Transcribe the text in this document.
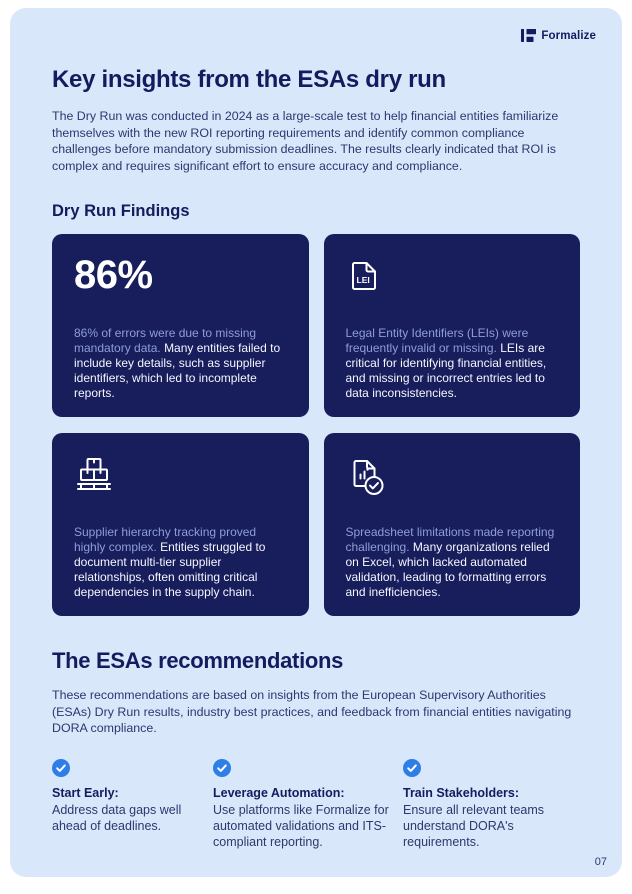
Formalize
Key insights from the ESAs dry run

The Dry Run was conducted in 2024 as a large-scale test to help financial entities familiarize themselves with the new ROI reporting requirements and identify common compliance challenges before mandatory submission deadlines. The results clearly indicated that ROI is complex and requires significant effort to ensure accuracy and compliance.

Dry Run Findings
86%

86% of errors were due to missing mandatory data. Many entities failed to include key details, such as supplier identifiers, which led to incomplete reports.

LEI

Legal Entity Identifiers (LEIs) were frequently invalid or missing. LEIs are critical for identifying financial entities, and missing or incorrect entries led to data inconsistencies.

Supplier hierarchy tracking proved highly complex. Entities struggled to document multi-tier supplier relationships, often omitting critical dependencies in the supply chain.

Spreadsheet limitations made reporting challenging. Many organizations relied on Excel, which lacked automated validation, leading to formatting errors and inefficiencies.

The ESAs recommendations

These recommendations are based on insights from the European Supervisory Authorities (ESAs) Dry Run results, industry best practices, and feedback from financial entities navigating DORA compliance.

Start Early:
Address data gaps well ahead of deadlines.
Leverage Automation:
Use platforms like Formalize for automated validations and ITS-compliant reporting.
Train Stakeholders:
Ensure all relevant teams understand DORA's requirements.
07
